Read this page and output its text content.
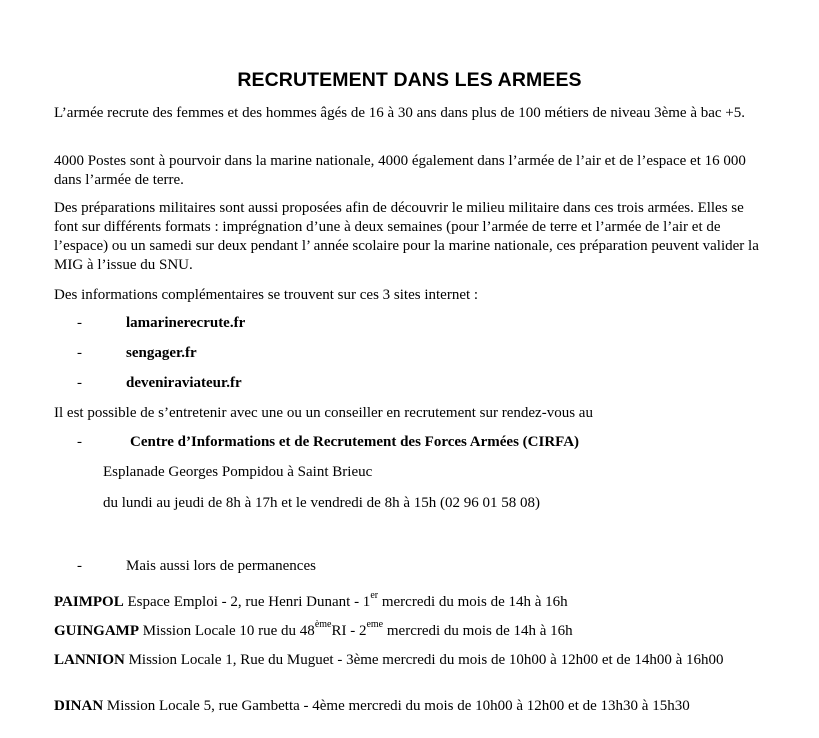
RECRUTEMENT DANS LES ARMEES

L’armée recrute des femmes et des hommes âgés de 16 à 30 ans dans plus de 100 métiers de niveau 3ème à bac +5.

4000 Postes sont à pourvoir dans la marine nationale, 4000 également dans l’armée de l’air et de l’espace et 16 000 dans l’armée de terre.

Des préparations militaires sont aussi proposées afin de découvrir le milieu militaire dans ces trois armées. Elles se font sur différents formats : imprégnation d’une à deux semaines (pour l’armée de terre et l’armée de l’air et de l’espace) ou un samedi sur deux pendant l’ année scolaire pour la marine nationale, ces préparation peuvent valider la MIG à l’issue du SNU.

Des informations complémentaires se trouvent sur ces 3 sites internet :

-	lamarinerecrute.fr
-	sengager.fr
-	deveniraviateur.fr

Il est possible de s’entretenir avec une ou un conseiller en recrutement sur rendez-vous au

-	Centre d’Informations et de Recrutement des Forces Armées (CIRFA)
Esplanade Georges Pompidou à Saint Brieuc
du lundi au jeudi de 8h à 17h et le vendredi de 8h à 15h (02 96 01 58 08)
-	Mais aussi lors de permanences
PAIMPOL Espace Emploi - 2, rue Henri Dunant - 1er mercredi du mois de 14h à 16h
GUINGAMP Mission Locale 10 rue du 48èmeRI - 2eme mercredi du mois de 14h à 16h
LANNION Mission Locale 1, Rue du Muguet - 3ème mercredi du mois de 10h00 à 12h00 et de 14h00 à 16h00
DINAN Mission Locale 5, rue Gambetta - 4ème mercredi du mois de 10h00 à 12h00 et de 13h30 à 15h30
